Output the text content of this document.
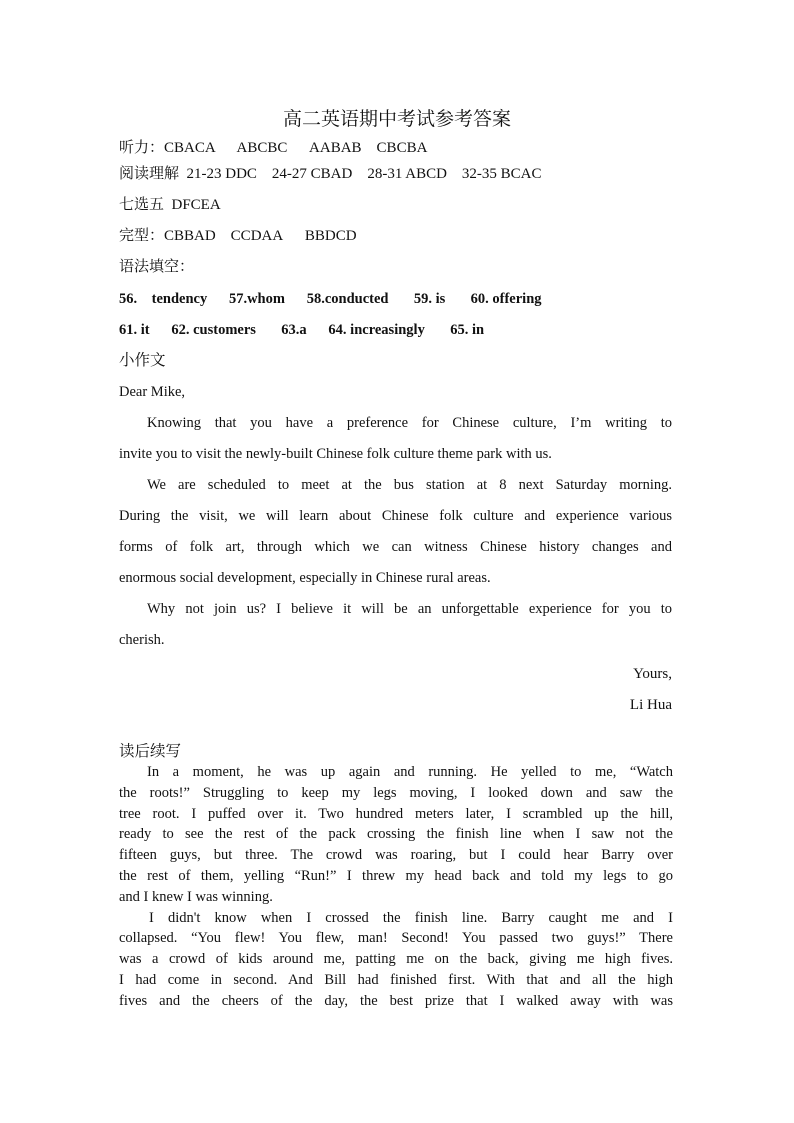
高二英语期中考试参考答案
听力：CBACA      ABCBC      AABAB    CBCBA
阅读理解  21-23 DDC    24-27 CBAD    28-31 ABCD    32-35 BCAC
七选五  DFCEA
完型：CBBAD    CCDAA      BBDCD
语法填空：
56.    tendency      57.whom      58.conducted       59. is       60. offering
61. it      62. customers       63.a      64. increasingly       65. in
小作文

Dear Mike,

Knowing that you have a preference for Chinese culture, I’m writing to

invite you to visit the newly-built Chinese folk culture theme park with us.

We are scheduled to meet at the bus station at 8 next Saturday morning.

During the visit, we will learn about Chinese folk culture and experience various

forms of folk art, through which we can witness Chinese history changes and

enormous social development, especially in Chinese rural areas.

Why not join us? I believe it will be an unforgettable experience for you to

cherish.

Yours,
Li Hua
读后续写

In a moment, he was up again and running. He yelled to me, “Watch

the roots!” Struggling to keep my legs moving, I looked down and saw the

tree root. I puffed over it. Two hundred meters later, I scrambled up the hill,

ready to see the rest of the pack crossing the finish line when I saw not the

fifteen guys, but three. The crowd was roaring, but I could hear Barry over

the rest of them, yelling “Run!” I threw my head back and told my legs to go

and I knew I was winning.

I didn't know when I crossed the finish line. Barry caught me and I

collapsed. “You flew! You flew, man! Second! You passed two guys!” There

was a crowd of kids around me, patting me on the back, giving me high fives.

I had come in second. And Bill had finished first. With that and all the high

fives and the cheers of the day, the best prize that I walked away with was
